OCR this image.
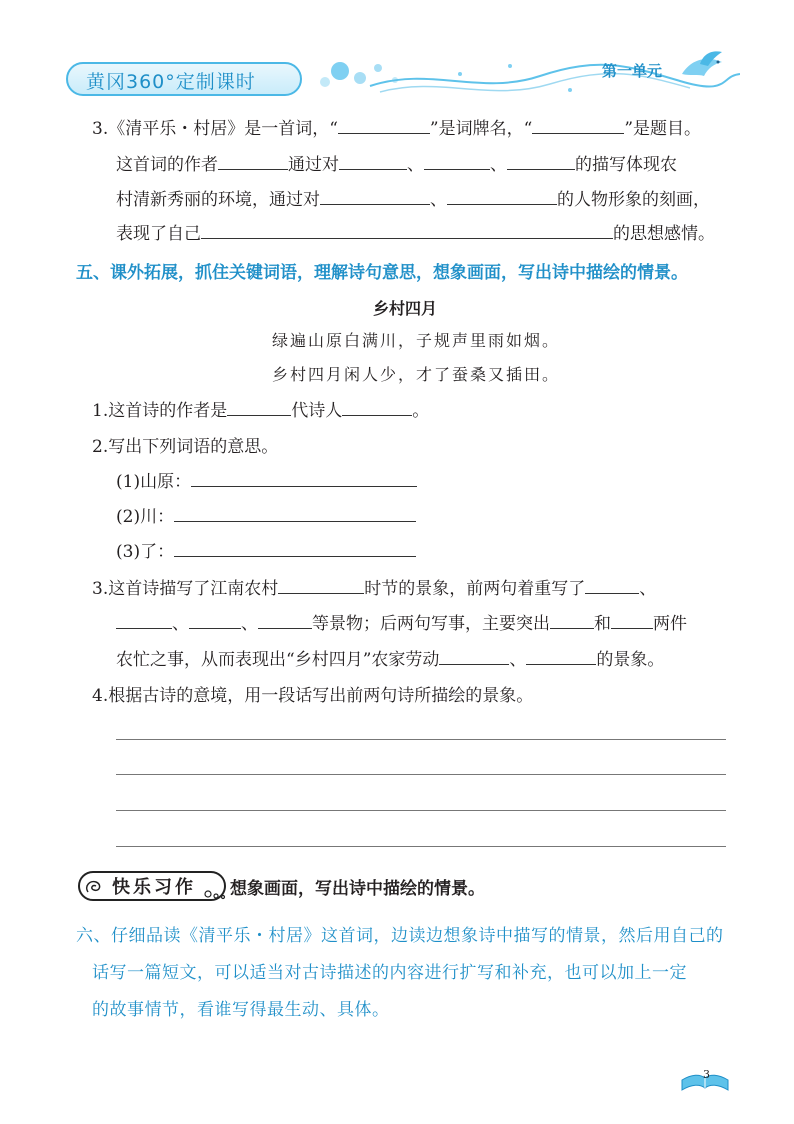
黄冈360°定制课时	第一单元
3.《清平乐・村居》是一首词，“	”是词牌名，“	”是题目。
这首词的作者	通过对	、	、	的描写体现农
村清新秀丽的环境，通过对	、	的人物形象的刻画，
表现了自己	的思想感情。
五、课外拓展，抓住关键词语，理解诗句意思，想象画面，写出诗中描绘的情景。
乡村四月
绿遍山原白满川，子规声里雨如烟。
乡村四月闲人少，才了蚕桑又插田。
1.这首诗的作者是	代诗人	。
2.写出下列词语的意思。
(1)山原：
(2)川：
(3)了：
3.这首诗描写了江南农村	时节的景象，前两句着重写了	、
、	、	等景物；后两句写事，主要突出	和 两件
农忙之事，从而表现出“乡村四月”农家劳动	、	的景象。
4.根据古诗的意境，用一段话写出前两句诗所描绘的景象。
快乐习作 想象画面，写出诗中描绘的情景。
六、仔细品读《清平乐・村居》这首词，边读边想象诗中描写的情景，然后用自己的
话写一篇短文，可以适当对古诗描述的内容进行扩写和补充，也可以加上一定
的故事情节，看谁写得最生动、具体。
3
